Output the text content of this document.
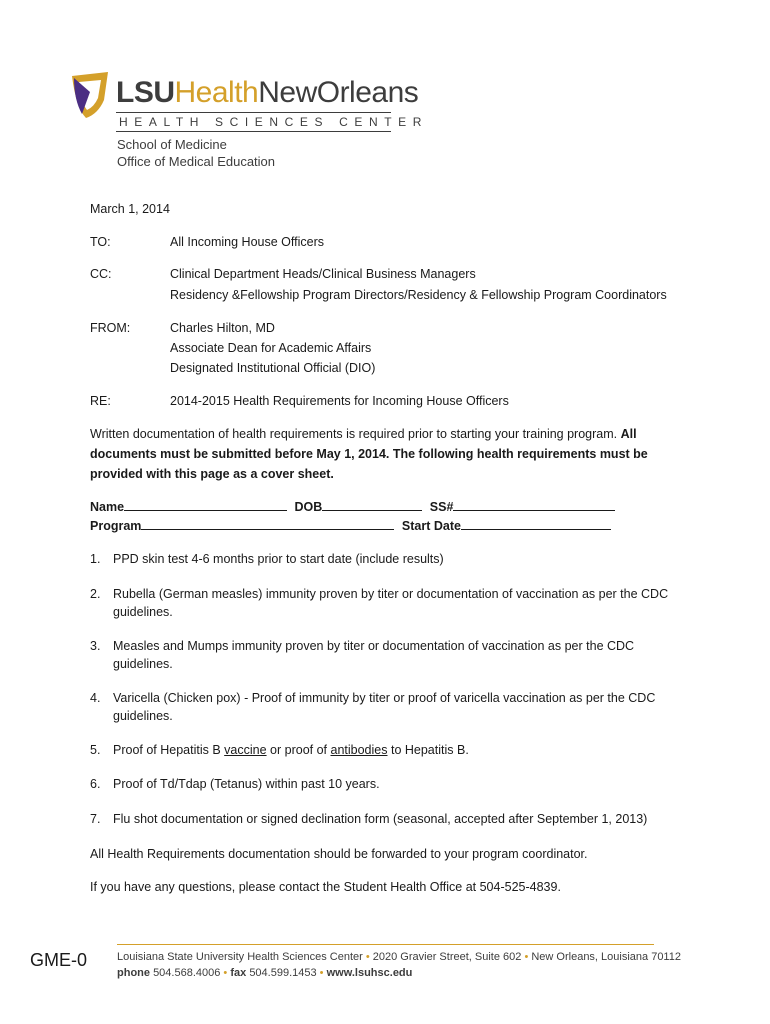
LSUHealthNewOrleans
HEALTH SCIENCES CENTER
School of Medicine
Office of Medical Education
March 1, 2014
TO:	All Incoming House Officers
CC:	Clinical Department Heads/Clinical Business Managers
Residency &Fellowship Program Directors/Residency & Fellowship Program Coordinators
FROM:	Charles Hilton, MD
Associate Dean for Academic Affairs
Designated Institutional Official (DIO)
RE:	2014-2015 Health Requirements for Incoming House Officers
Written documentation of health requirements is required prior to starting your training program. All documents must be submitted before May 1, 2014. The following health requirements must be provided with this page as a cover sheet.
Name	DOB	SS#
Program	Start Date
1. PPD skin test 4-6 months prior to start date (include results)
2. Rubella (German measles) immunity proven by titer or documentation of vaccination as per the CDC guidelines.
3. Measles and Mumps immunity proven by titer or documentation of vaccination as per the CDC guidelines.
4. Varicella (Chicken pox) - Proof of immunity by titer or proof of varicella vaccination as per the CDC guidelines.
5. Proof of Hepatitis B vaccine or proof of antibodies to Hepatitis B.
6. Proof of Td/Tdap (Tetanus) within past 10 years.
7. Flu shot documentation or signed declination form (seasonal, accepted after September 1, 2013)
All Health Requirements documentation should be forwarded to your program coordinator.
If you have any questions, please contact the Student Health Office at 504-525-4839.
GME-0	Louisiana State University Health Sciences Center • 2020 Gravier Street, Suite 602 • New Orleans, Louisiana 70112
phone 504.568.4006 • fax 504.599.1453 • www.lsuhsc.edu
